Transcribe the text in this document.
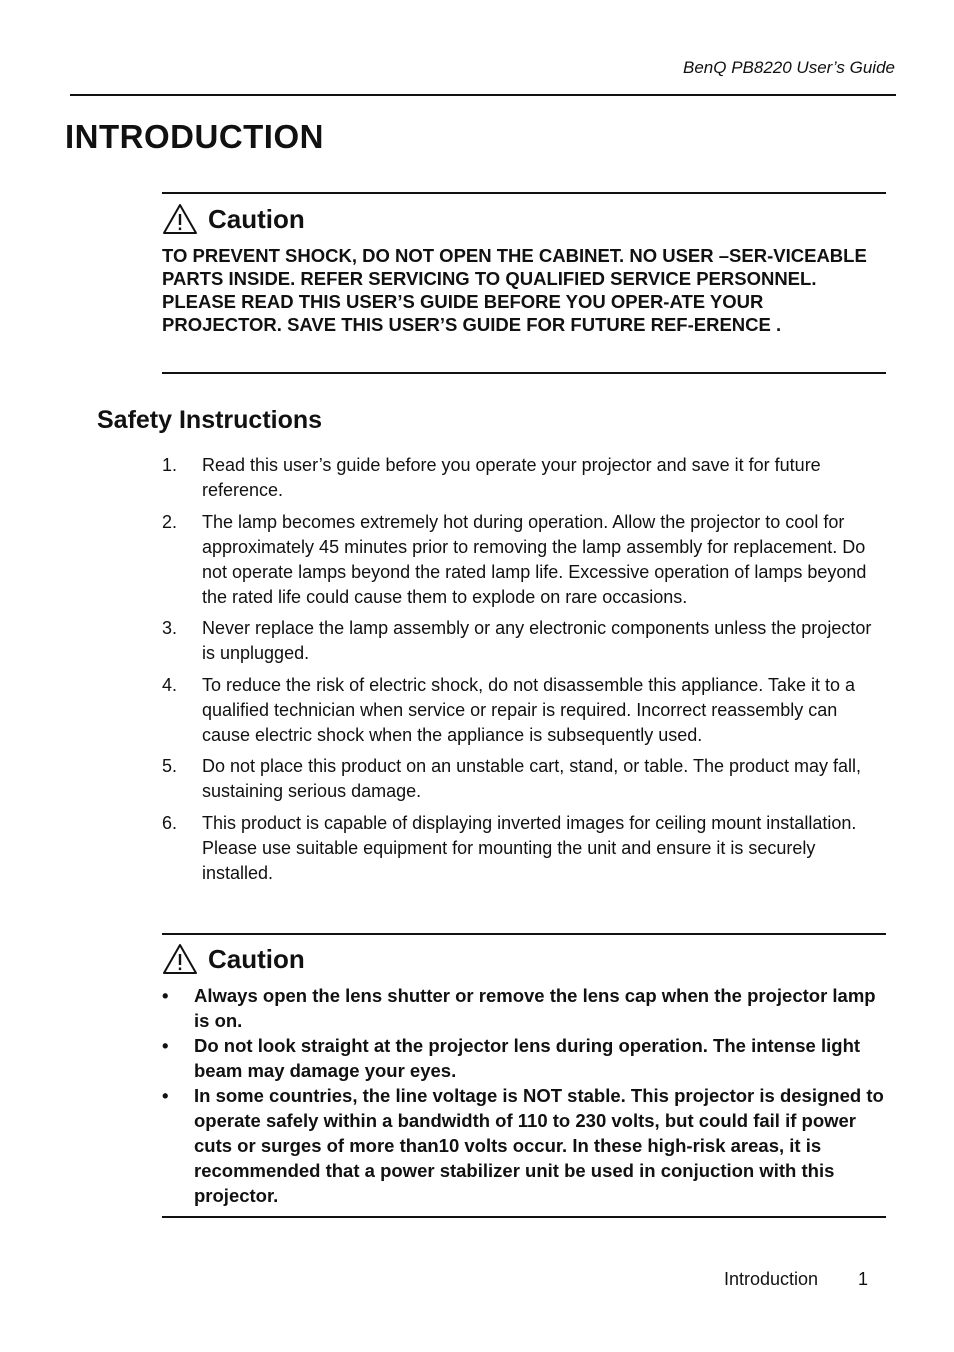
BenQ PB8220 User’s Guide
INTRODUCTION
Caution
TO PREVENT SHOCK, DO NOT OPEN THE CABINET. NO USER –SER-VICEABLE PARTS INSIDE. REFER SERVICING TO QUALIFIED SERVICE PERSONNEL. PLEASE READ THIS USER’S GUIDE BEFORE YOU OPER-ATE YOUR PROJECTOR. SAVE THIS USER’S GUIDE FOR FUTURE REF-ERENCE .
Safety Instructions
1.	Read this user’s guide before you operate your projector and save it for future reference.
2.	The lamp becomes extremely hot during operation. Allow the projector to cool for approximately 45 minutes prior to removing the lamp assembly for replacement. Do not operate lamps beyond the rated lamp life. Excessive operation of lamps beyond the rated life could cause them to explode on rare occasions.
3.	Never replace the lamp assembly or any electronic components unless the projector is unplugged.
4.	To reduce the risk of electric shock, do not disassemble this appliance. Take it to a qualified technician when service or repair is required. Incorrect reassembly can cause electric shock when the appliance is subsequently used.
5.	Do not place this product on an unstable cart, stand, or table. The product may fall, sustaining serious damage.
6.	This product is capable of displaying inverted images for ceiling mount installation. Please use suitable equipment for mounting the unit and ensure it is securely installed.
Caution
•	Always open the lens shutter or remove the lens cap when the projector lamp is on.
•	Do not look straight at the projector lens during operation. The intense light beam may damage your eyes.
•	In some countries, the line voltage is NOT stable. This projector is designed to operate safely within a bandwidth of 110 to 230 volts, but could fail if power cuts or surges of more than10 volts occur. In these high-risk areas, it is recommended that a power stabilizer unit be used in conjuction with this projector.
Introduction 1
